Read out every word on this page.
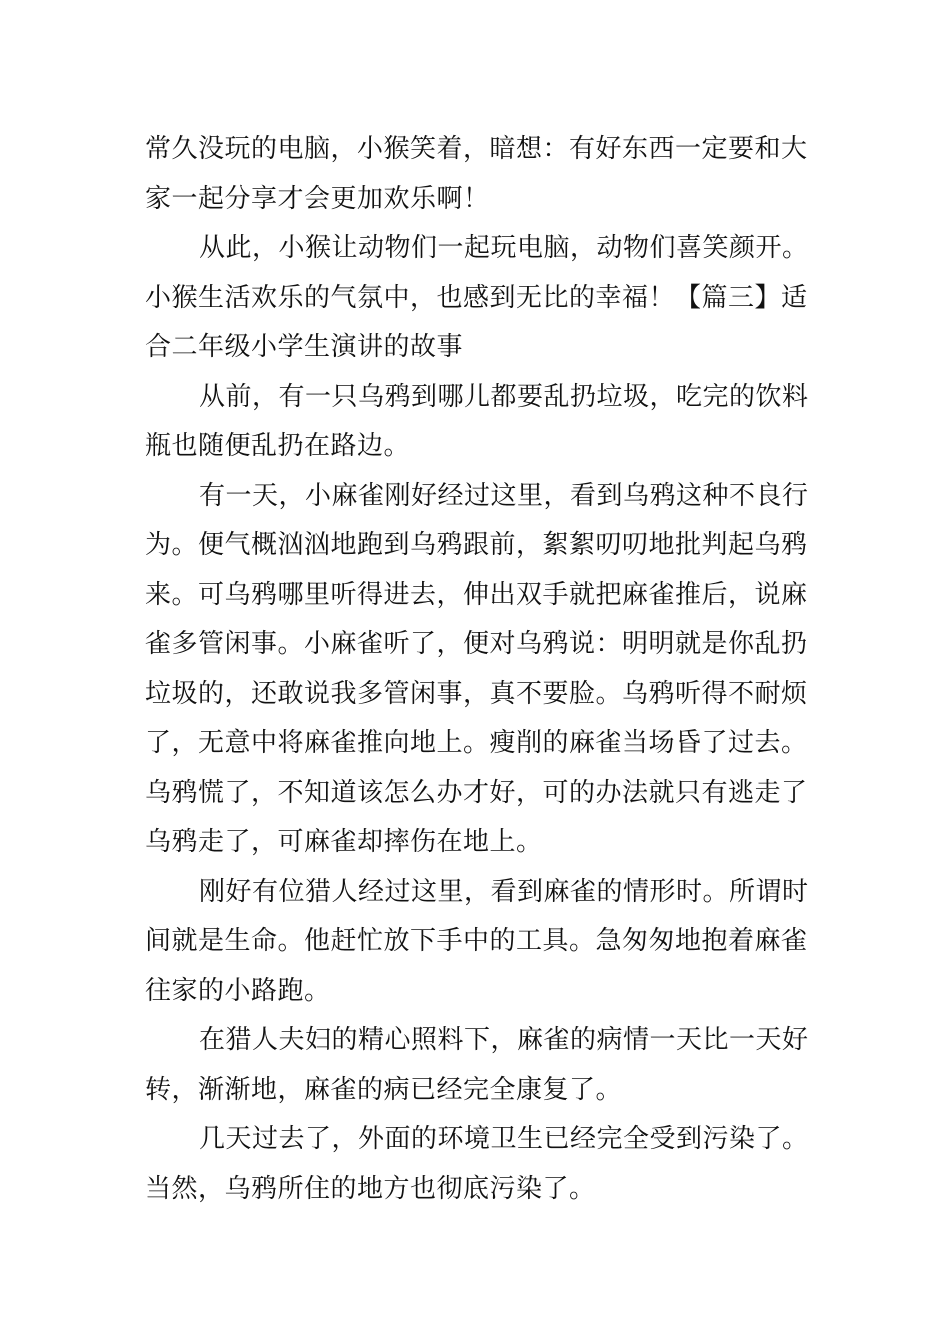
常久没玩的电脑，小猴笑着，暗想：有好东西一定要和大
家一起分享才会更加欢乐啊！
从此，小猴让动物们一起玩电脑，动物们喜笑颜开。
小猴生活欢乐的气氛中，也感到无比的幸福！【篇三】适
合二年级小学生演讲的故事
从前，有一只乌鸦到哪儿都要乱扔垃圾，吃完的饮料
瓶也随便乱扔在路边。
有一天，小麻雀刚好经过这里，看到乌鸦这种不良行
为。便气概汹汹地跑到乌鸦跟前，絮絮叨叨地批判起乌鸦
来。可乌鸦哪里听得进去，伸出双手就把麻雀推后，说麻
雀多管闲事。小麻雀听了，便对乌鸦说：明明就是你乱扔
垃圾的，还敢说我多管闲事，真不要脸。乌鸦听得不耐烦
了，无意中将麻雀推向地上。瘦削的麻雀当场昏了过去。
乌鸦慌了，不知道该怎么办才好，可的办法就只有逃走了
乌鸦走了，可麻雀却摔伤在地上。
刚好有位猎人经过这里，看到麻雀的情形时。所谓时
间就是生命。他赶忙放下手中的工具。急匆匆地抱着麻雀
往家的小路跑。
在猎人夫妇的精心照料下，麻雀的病情一天比一天好
转，渐渐地，麻雀的病已经完全康复了。
几天过去了，外面的环境卫生已经完全受到污染了。
当然，乌鸦所住的地方也彻底污染了。
